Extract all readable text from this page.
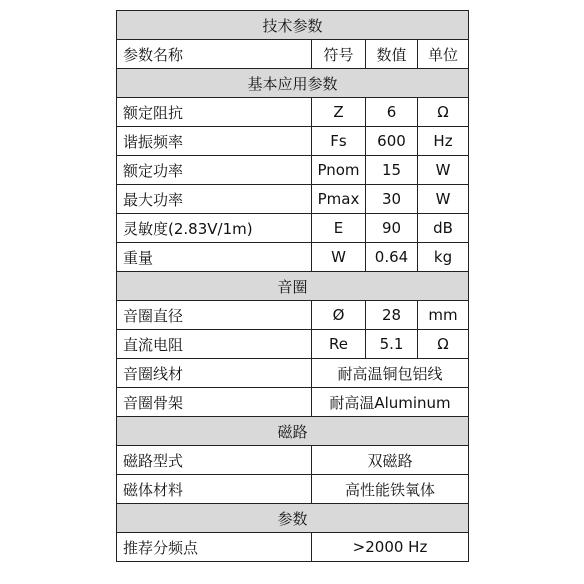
技术参数			
参数名称	符号	数值	单位
基本应用参数			
额定阻抗	Z	6	Ω
谐振频率	Fs	600	Hz
额定功率	Pnom	15	W
最大功率	Pmax	30	W
灵敏度(2.83V/1m)	E	90	dB
重量	W	0.64	kg
音圈			
音圈直径	Ø	28	mm
直流电阻	Re	5.1	Ω
音圈线材	耐高温铜包铝线		
音圈骨架	耐高温Aluminum		
磁路			
磁路型式	双磁路		
磁体材料	高性能铁氧体		
参数			
推荐分频点	>2000 Hz		
